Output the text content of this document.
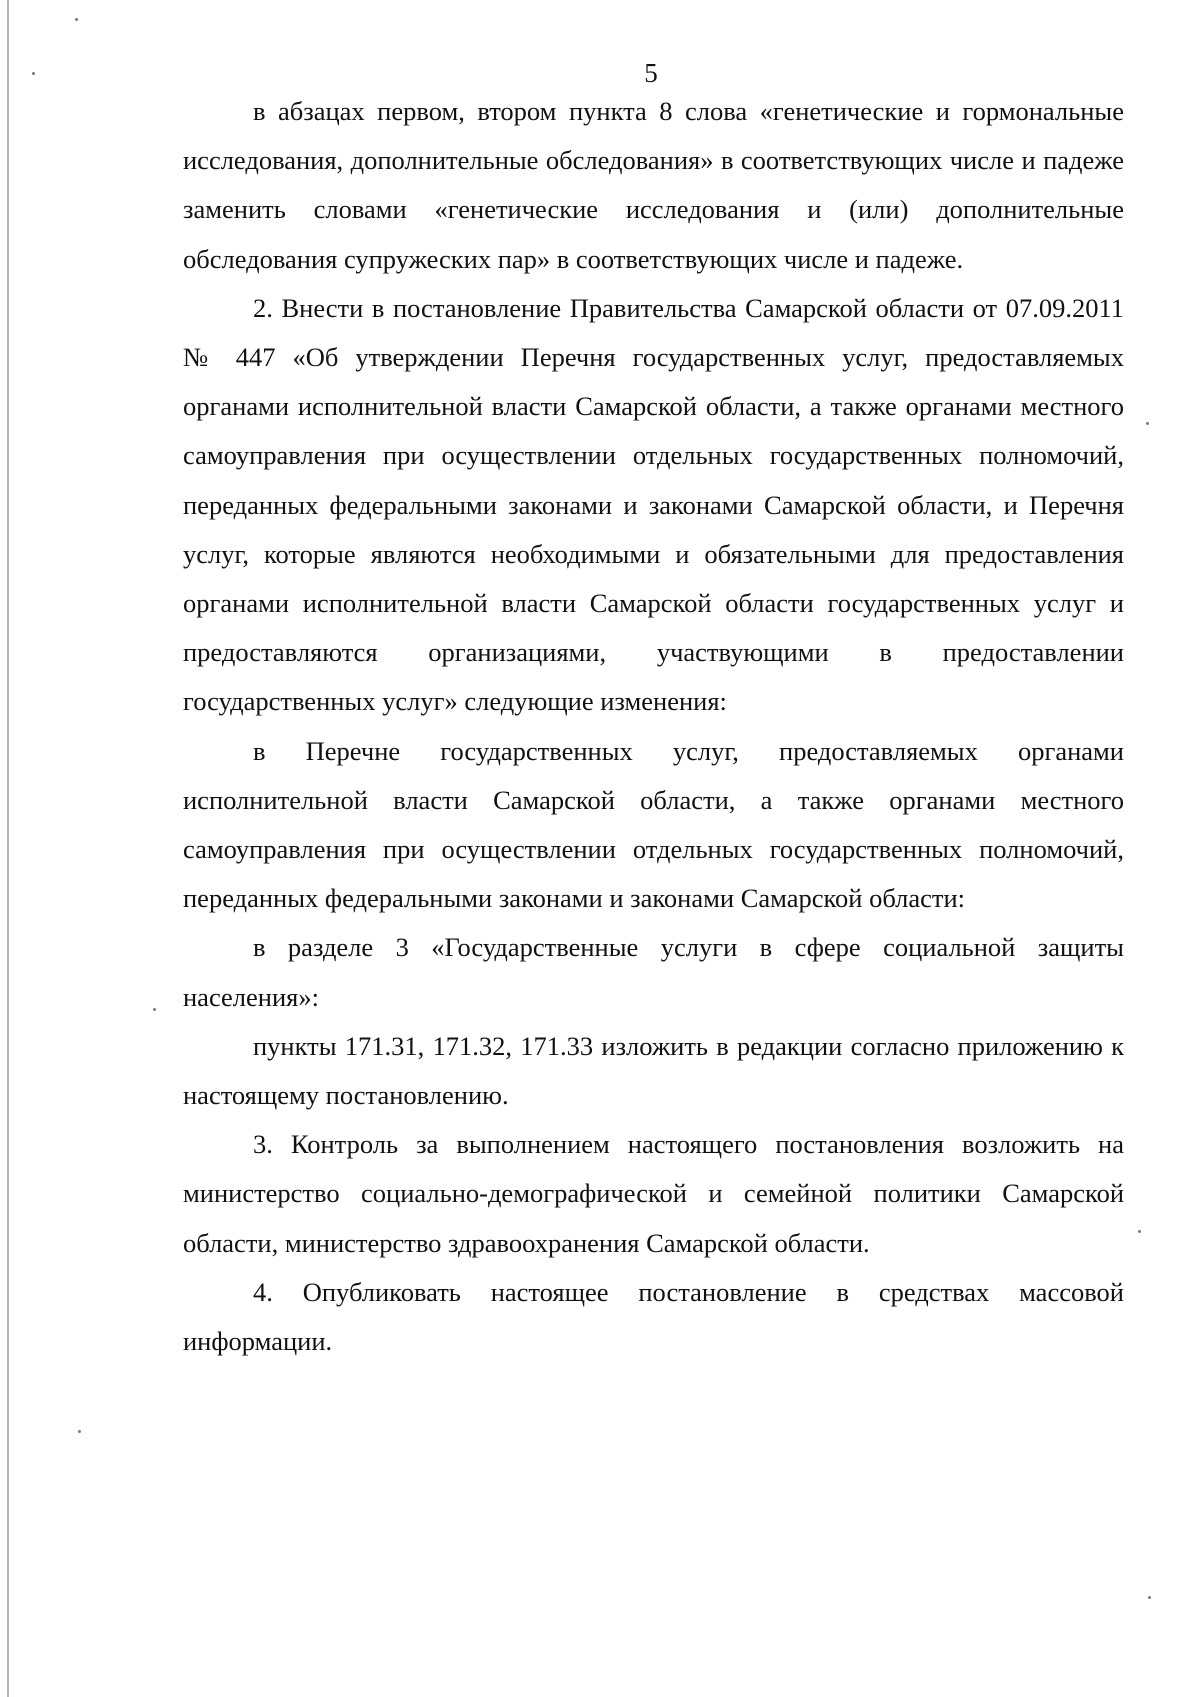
5

в абзацах первом, втором пункта 8 слова «генетические и гормональные исследования, дополнительные обследования» в соответствующих числе и падеже заменить словами «генетические исследования и (или) дополнительные обследования супружеских пар» в соответствующих числе и падеже.

2. Внести в постановление Правительства Самарской области от 07.09.2011 № 447 «Об утверждении Перечня государственных услуг, предоставляемых органами исполнительной власти Самарской области, а также органами местного самоуправления при осуществлении отдельных государственных полномочий, переданных федеральными законами и законами Самарской области, и Перечня услуг, которые являются необходимыми и обязательными для предоставления органами исполнительной власти Самарской области государственных услуг и предоставляются организациями, участвующими в предоставлении государственных услуг» следующие изменения:

в Перечне государственных услуг, предоставляемых органами исполнительной власти Самарской области, а также органами местного самоуправления при осуществлении отдельных государственных полномочий, переданных федеральными законами и законами Самарской области:

в разделе 3 «Государственные услуги в сфере социальной защиты населения»:

пункты 171.31, 171.32, 171.33 изложить в редакции согласно приложению к настоящему постановлению.

3. Контроль за выполнением настоящего постановления возложить на министерство социально-демографической и семейной политики Самарской области, министерство здравоохранения Самарской области.

4. Опубликовать настоящее постановление в средствах массовой информации.
